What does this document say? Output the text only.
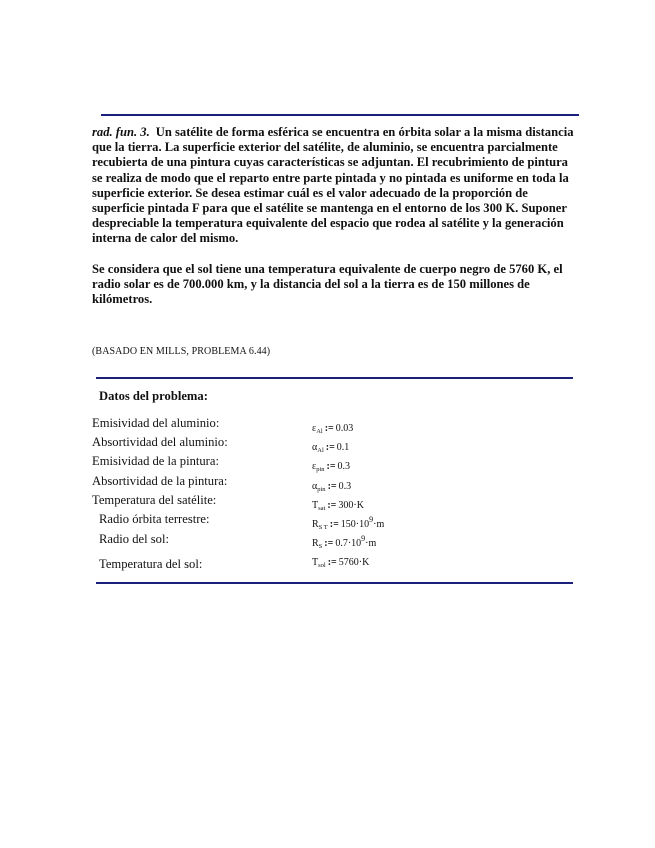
rad. fun. 3. Un satélite de forma esférica se encuentra en órbita solar a la misma distancia que la tierra. La superficie exterior del satélite, de aluminio, se encuentra parcialmente recubierta de una pintura cuyas características se adjuntan. El recubrimiento de pintura se realiza de modo que el reparto entre parte pintada y no pintada es uniforme en toda la superficie exterior. Se desea estimar cuál es el valor adecuado de la proporción de superficie pintada F para que el satélite se mantenga en el entorno de los 300 K. Suponer despreciable la temperatura equivalente del espacio que rodea al satélite y la generación interna de calor del mismo.

Se considera que el sol tiene una temperatura equivalente de cuerpo negro de 5760 K, el radio solar es de 700.000 km, y la distancia del sol a la tierra es de 150 millones de kilómetros.

(BASADO EN MILLS, PROBLEMA 6.44)
Datos del problema:
Emisividad del aluminio:	$\varepsilon_{Al}$ := 0.03
Absortividad del aluminio:	$\alpha_{Al}$ := 0.1
Emisividad de la pintura:	$\varepsilon_{pin}$ := 0.3
Absortividad de la pintura:	$\alpha_{pin}$ := 0.3
Temperatura del satélite:	$T_{sat}$ := 300·K
Radio órbita terrestre:	$R_{S T}$ := $150\cdot 10^9\cdot m$
Radio del sol:	$R_S$ := $0.7\cdot 10^9\cdot m$
Temperatura del sol:	$T_{sol}$ := 5760·K
